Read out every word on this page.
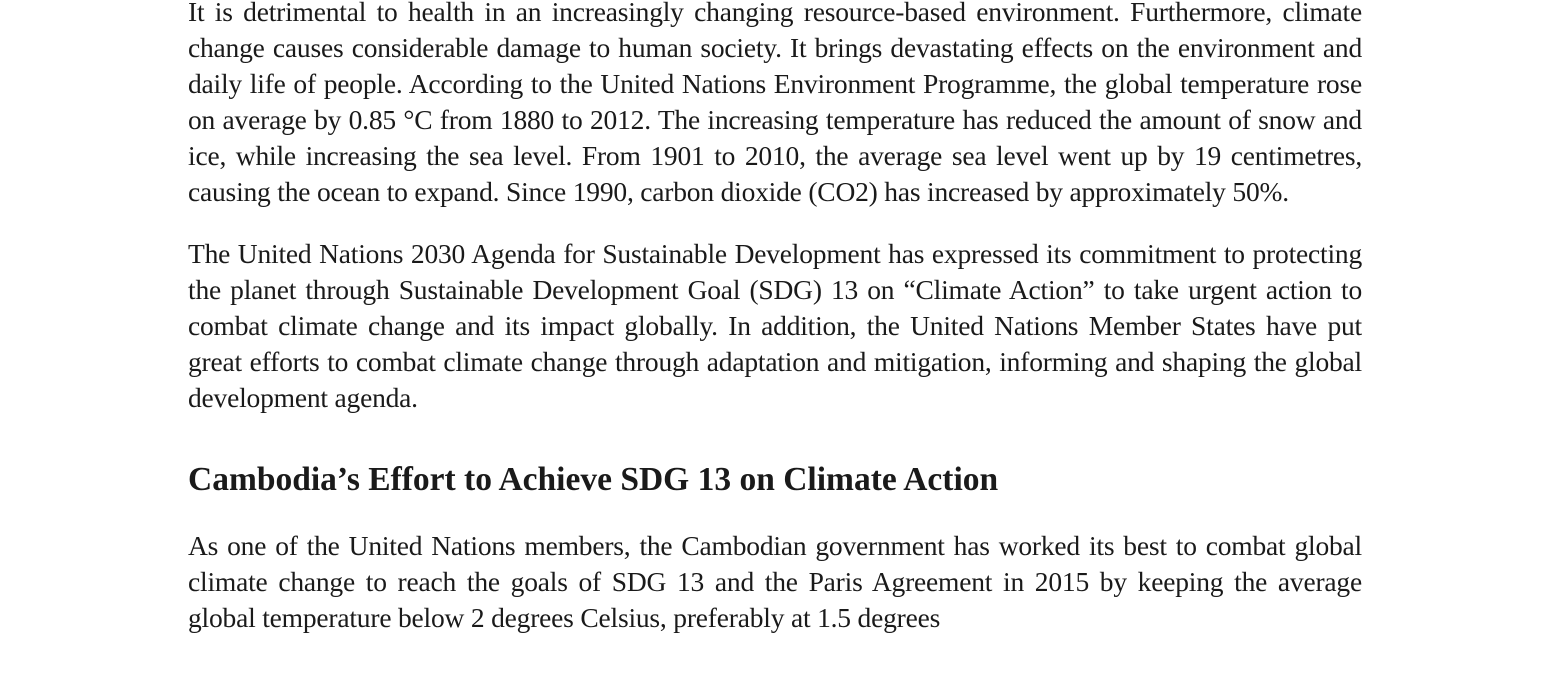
It is detrimental to health in an increasingly changing resource-based environment. Furthermore, climate change causes considerable damage to human society. It brings devastating effects on the environment and daily life of people. According to the United Nations Environment Programme, the global temperature rose on average by 0.85 °C from 1880 to 2012. The increasing temperature has reduced the amount of snow and ice, while increasing the sea level. From 1901 to 2010, the average sea level went up by 19 centimetres, causing the ocean to expand. Since 1990, carbon dioxide (CO2) has increased by approximately 50%.

The United Nations 2030 Agenda for Sustainable Development has expressed its commitment to protecting the planet through Sustainable Development Goal (SDG) 13 on “Climate Action” to take urgent action to combat climate change and its impact globally. In addition, the United Nations Member States have put great efforts to combat climate change through adaptation and mitigation, informing and shaping the global development agenda.

Cambodia’s Effort to Achieve SDG 13 on Climate Action

As one of the United Nations members, the Cambodian government has worked its best to combat global climate change to reach the goals of SDG 13 and the Paris Agreement in 2015 by keeping the average global temperature below 2 degrees Celsius, preferably at 1.5 degrees
